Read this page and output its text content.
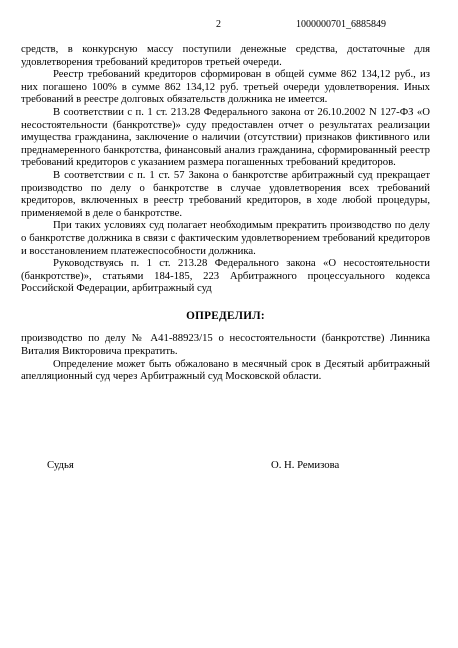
2	1000000701_6885849

средств, в конкурсную массу поступили денежные средства, достаточные для удовлетворения требований кредиторов третьей очереди.

Реестр требований кредиторов сформирован в общей сумме 862 134,12 руб., из них погашено 100% в сумме 862 134,12 руб. третьей очереди удовлетворения. Иных требований в реестре долговых обязательств должника не имеется.

В соответствии с п. 1 ст. 213.28 Федерального закона от 26.10.2002 N 127-ФЗ «О несостоятельности (банкротстве)» суду предоставлен отчет о результатах реализации имущества гражданина, заключение о наличии (отсутствии) признаков фиктивного или преднамеренного банкротства, финансовый анализ гражданина, сформированный реестр требований кредиторов с указанием размера погашенных требований кредиторов.

В соответствии с п. 1 ст. 57 Закона о банкротстве арбитражный суд прекращает производство по делу о банкротстве в случае удовлетворения всех требований кредиторов, включенных в реестр требований кредиторов, в ходе любой процедуры, применяемой в деле о банкротстве.

При таких условиях суд полагает необходимым прекратить производство по делу о банкротстве должника в связи с фактическим удовлетворением требований кредиторов и восстановлением платежеспособности должника.

Руководствуясь п. 1 ст. 213.28 Федерального закона «О несостоятельности (банкротстве)», статьями 184-185, 223 Арбитражного процессуального кодекса Российской Федерации, арбитражный суд

ОПРЕДЕЛИЛ:

производство по делу № А41-88923/15 о несостоятельности (банкротстве) Линника Виталия Викторовича прекратить.

Определение может быть обжаловано в месячный срок в Десятый арбитражный апелляционный суд через Арбитражный суд Московской области.

Судья	О. Н. Ремизова
